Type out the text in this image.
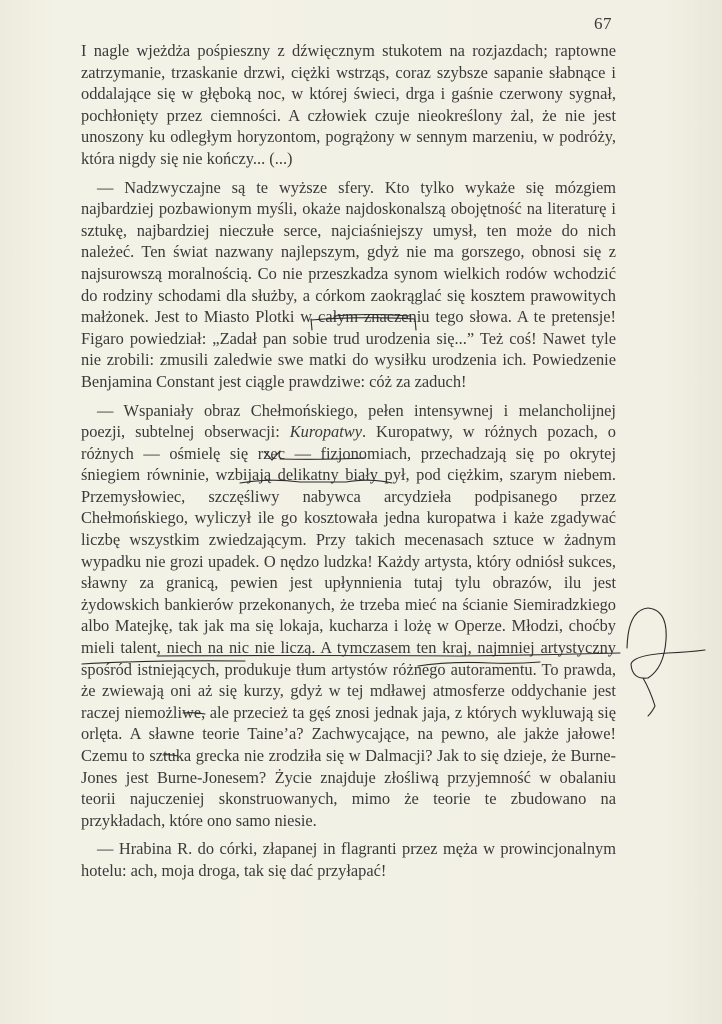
67

I nagle wjeżdża pośpieszny z dźwięcznym stukotem na rozjazdach; raptowne zatrzymanie, trzaskanie drzwi, ciężki wstrząs, coraz szybsze sapanie słabnące i oddalające się w głęboką noc, w której świeci, drga i gaśnie czerwony sygnał, pochłonięty przez ciemności. A człowiek czuje nieokreślony żal, że nie jest unoszony ku odległym horyzontom, pogrążony w sennym marzeniu, w podróży, która nigdy się nie kończy... (...)

— Nadzwyczajne są te wyższe sfery. Kto tylko wykaże się mózgiem najbardziej pozbawionym myśli, okaże najdoskonalszą obojętność na literaturę i sztukę, najbardziej nieczułe serce, najciaśniejszy umysł, ten może do nich należeć. Ten świat nazwany najlepszym, gdyż nie ma gorszego, obnosi się z najsurowszą moralnością. Co nie przeszkadza synom wielkich rodów wchodzić do rodziny schodami dla służby, a córkom zaokrąglać się kosztem prawowitych małżonek. Jest to Miasto Plotki w całym znaczeniu tego słowa. A te pretensje! Figaro powiedział: „Zadał pan sobie trud urodzenia się...” Też coś! Nawet tyle nie zrobili: zmusili zaledwie swe matki do wysiłku urodzenia ich. Powiedzenie Benjamina Constant jest ciągle prawdziwe: cóż za zaduch!

— Wspaniały obraz Chełmońskiego, pełen intensywnej i melancholijnej poezji, subtelnej obserwacji: Kuropatwy. Kuropatwy, w różnych pozach, o różnych — ośmielę się rzec — fizjonomiach, przechadzają się po okrytej śniegiem równinie, wzbijają delikatny biały pył, pod ciężkim, szarym niebem. Przemysłowiec, szczęśliwy nabywca arcydzieła podpisanego przez Chełmońskiego, wyliczył ile go kosztowała jedna kuropatwa i każe zgadywać liczbę wszystkim zwiedzającym. Przy takich mecenasach sztuce w żadnym wypadku nie grozi upadek. O nędzo ludzka! Każdy artysta, który odniósł sukces, sławny za granicą, pewien jest upłynnienia tutaj tylu obrazów, ilu jest żydowskich bankierów przekonanych, że trzeba mieć na ścianie Siemiradzkiego albo Matejkę, tak jak ma się lokaja, kucharza i lożę w Operze. Młodzi, choćby mieli talent, niech na nic nie liczą. A tymczasem ten kraj, najmniej artystyczny spośród istniejących, produkuje tłum artystów różnego autoramentu. To prawda, że zwiewają oni aż się kurzy, gdyż w tej mdławej atmosferze oddychanie jest raczej niemożliwe, ale przecież ta gęś znosi jednak jaja, z których wykluwają się orlęta. A sławne teorie Taine’a? Zachwycające, na pewno, ale jakże jałowe! Czemu to sztuka grecka nie zrodziła się w Dalmacji? Jak to się dzieje, że Burne-Jones jest Burne-Jonesem? Życie znajduje złośliwą przyjemność w obalaniu teorii najuczeniej skonstruowanych, mimo że teorie te zbudowano na przykładach, które ono samo niesie.

— Hrabina R. do córki, złapanej in flagranti przez męża w prowincjonalnym hotelu: ach, moja droga, tak się dać przyłapać!
